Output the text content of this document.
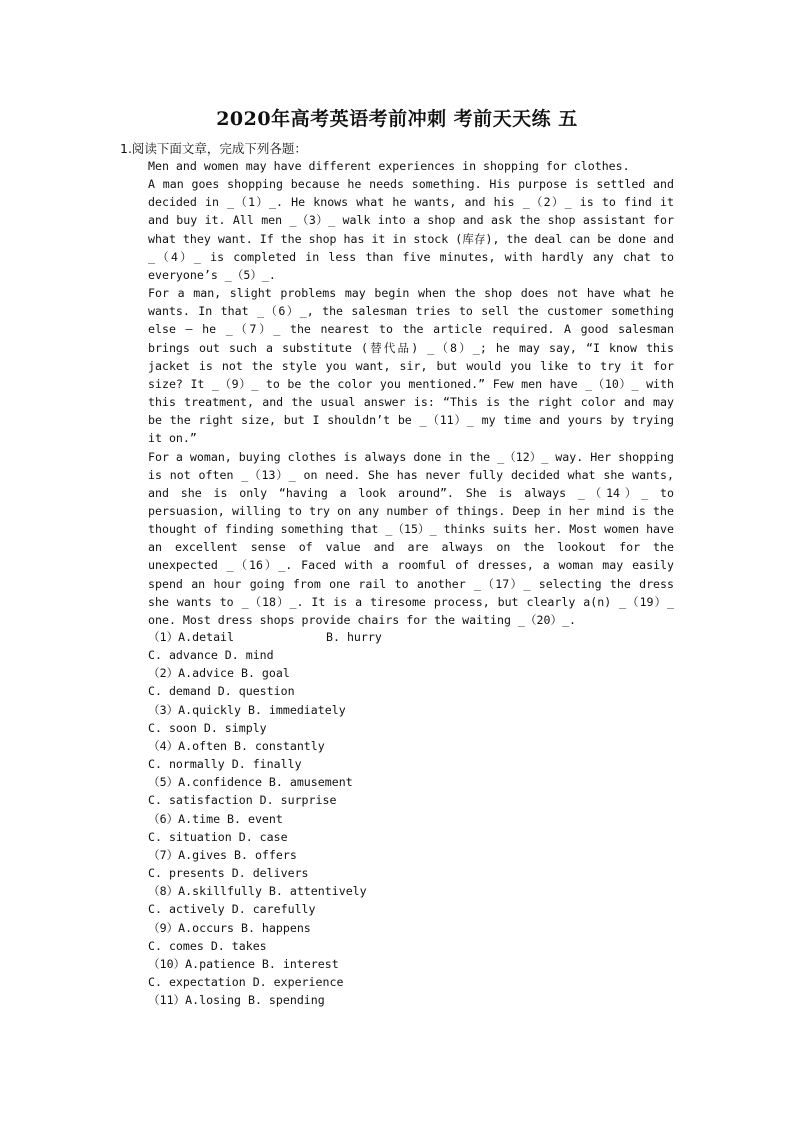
2020年高考英语考前冲刺 考前天天练 五
1.阅读下面文章，完成下列各题：

Men and women may have different experiences in shopping for clothes.

A man goes shopping because he needs something. His purpose is settled and decided in _（1）_. He knows what he wants, and his _（2）_ is to find it and buy it. All men _（3）_ walk into a shop and ask the shop assistant for what they want. If the shop has it in stock (库存), the deal can be done and _（4）_ is completed in less than five minutes, with hardly any chat to everyone’s _（5）_.

For a man, slight problems may begin when the shop does not have what he wants. In that _（6）_, the salesman tries to sell the customer something else — he _（7）_ the nearest to the article required. A good salesman brings out such a substitute (替代品) _（8）_; he may say, “I know this jacket is not the style you want, sir, but would you like to try it for size? It _（9）_ to be the color you mentioned.” Few men have _（10）_ with this treatment, and the usual answer is: “This is the right color and may be the right size, but I shouldn’t be _（11）_ my time and yours by trying it on.”

For a woman, buying clothes is always done in the _（12）_ way. Her shopping is not often _（13）_ on need. She has never fully decided what she wants, and she is only “having a look around”. She is always _（14）_ to persuasion, willing to try on any number of things. Deep in her mind is the thought of finding something that _（15）_ thinks suits her. Most women have an excellent sense of value and are always on the lookout for the unexpected _（16）_. Faced with a roomful of dresses, a woman may easily spend an hour going from one rail to another _（17）_ selecting the dress she wants to _（18）_. It is a tiresome process, but clearly a(n) _（19）_ one. Most dress shops provide chairs for the waiting _（20）_.

（1）A.detail	B. hurry
C. advance D. mind
（2）A.advice B. goal
C. demand D. question
（3）A.quickly B. immediately
C. soon D. simply
（4）A.often B. constantly
C. normally D. finally
（5）A.confidence B. amusement
C. satisfaction D. surprise
（6）A.time B. event
C. situation D. case
（7）A.gives B. offers
C. presents D. delivers
（8）A.skillfully B. attentively
C. actively D. carefully
（9）A.occurs B. happens
C. comes D. takes
（10）A.patience B. interest
C. expectation D. experience
（11）A.losing B. spending
